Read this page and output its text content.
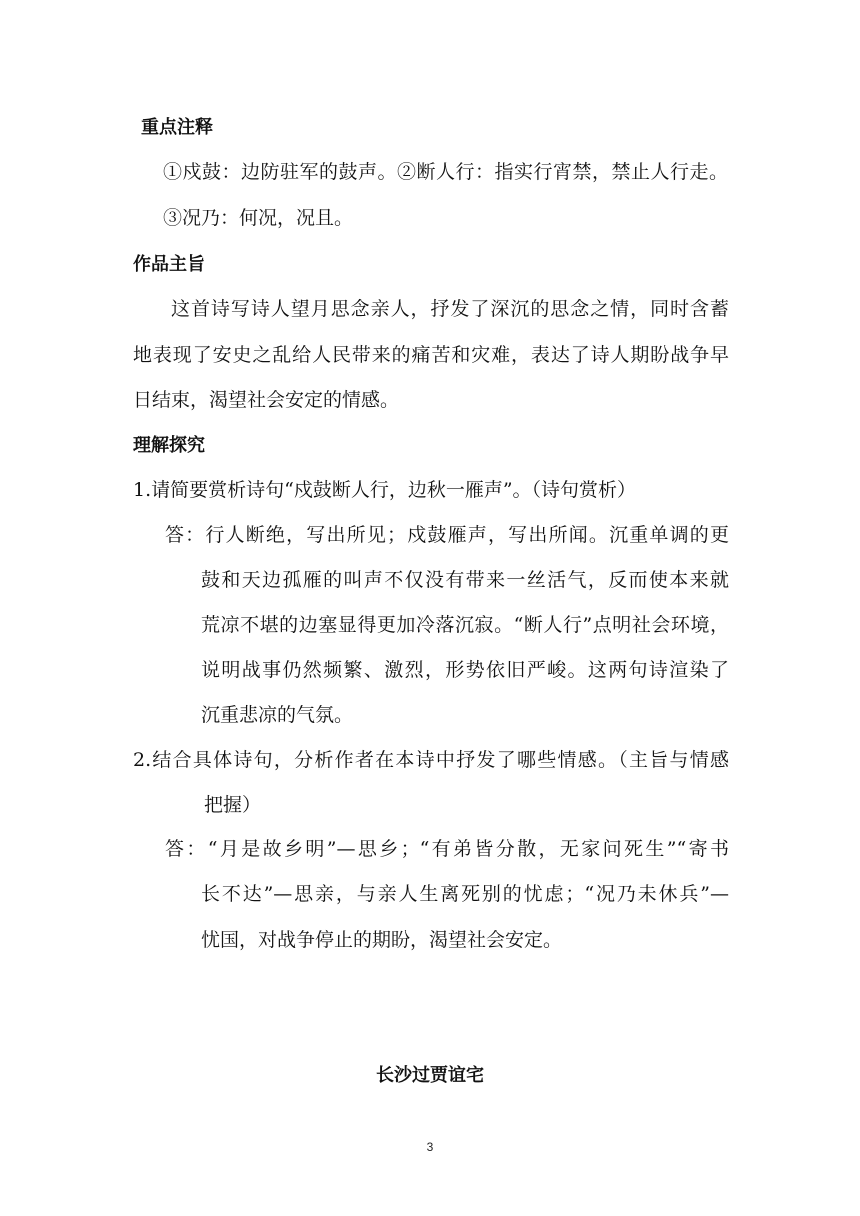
重点注释
①戍鼓：边防驻军的鼓声。②断人行：指实行宵禁，禁止人行走。
③况乃：何况，况且。
作品主旨
这首诗写诗人望月思念亲人，抒发了深沉的思念之情，同时含蓄
地表现了安史之乱给人民带来的痛苦和灾难，表达了诗人期盼战争早
日结束，渴望社会安定的情感。
理解探究
1.请简要赏析诗句“戍鼓断人行，边秋一雁声”。（诗句赏析）
答：行人断绝，写出所见；戍鼓雁声，写出所闻。沉重单调的更
鼓和天边孤雁的叫声不仅没有带来一丝活气，反而使本来就
荒凉不堪的边塞显得更加冷落沉寂。“断人行”点明社会环境，
说明战事仍然频繁、激烈，形势依旧严峻。这两句诗渲染了
沉重悲凉的气氛。
2.结合具体诗句，分析作者在本诗中抒发了哪些情感。（主旨与情感
把握）
答：“月是故乡明”—思乡；“有弟皆分散，无家问死生”“寄书
长不达”—思亲，与亲人生离死别的忧虑；“况乃未休兵”—
忧国，对战争停止的期盼，渴望社会安定。
长沙过贾谊宅
3
